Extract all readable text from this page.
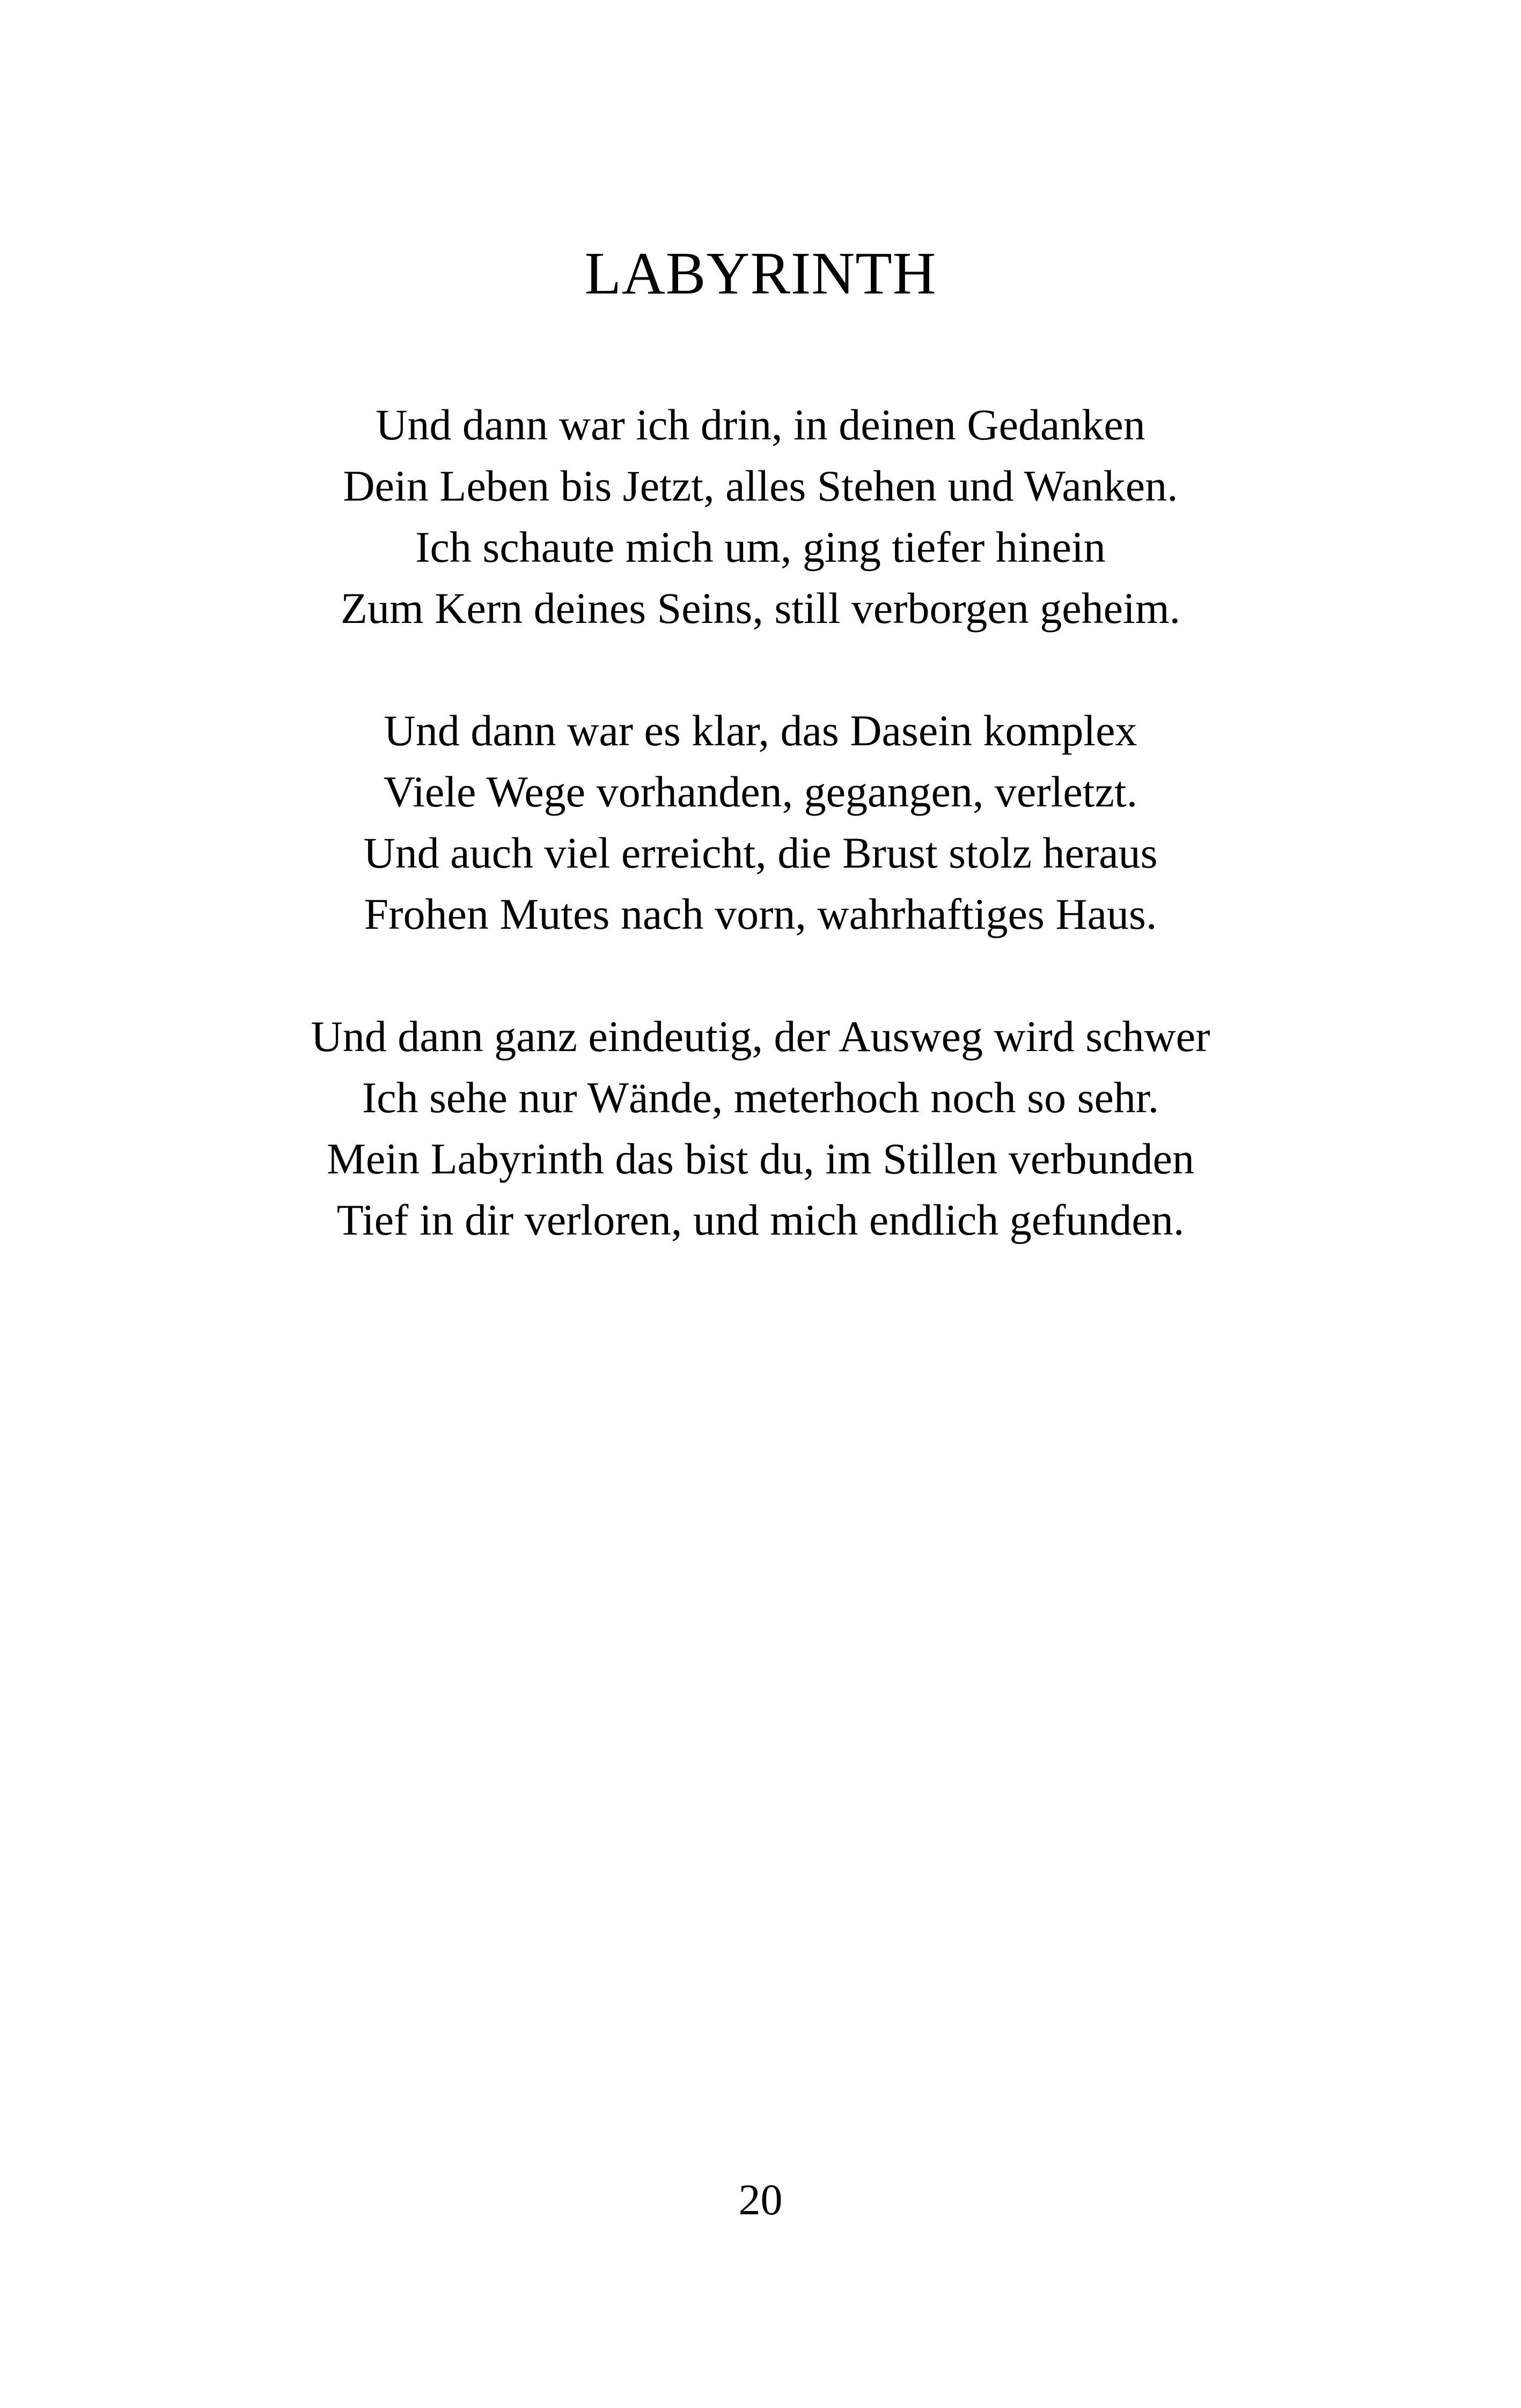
LABYRINTH
Und dann war ich drin, in deinen Gedanken
Dein Leben bis Jetzt, alles Stehen und Wanken.
Ich schaute mich um, ging tiefer hinein
Zum Kern deines Seins, still verborgen geheim.
Und dann war es klar, das Dasein komplex
Viele Wege vorhanden, gegangen, verletzt.
Und auch viel erreicht, die Brust stolz heraus
Frohen Mutes nach vorn, wahrhaftiges Haus.
Und dann ganz eindeutig, der Ausweg wird schwer
Ich sehe nur Wände, meterhoch noch so sehr.
Mein Labyrinth das bist du, im Stillen verbunden
Tief in dir verloren, und mich endlich gefunden.
20
